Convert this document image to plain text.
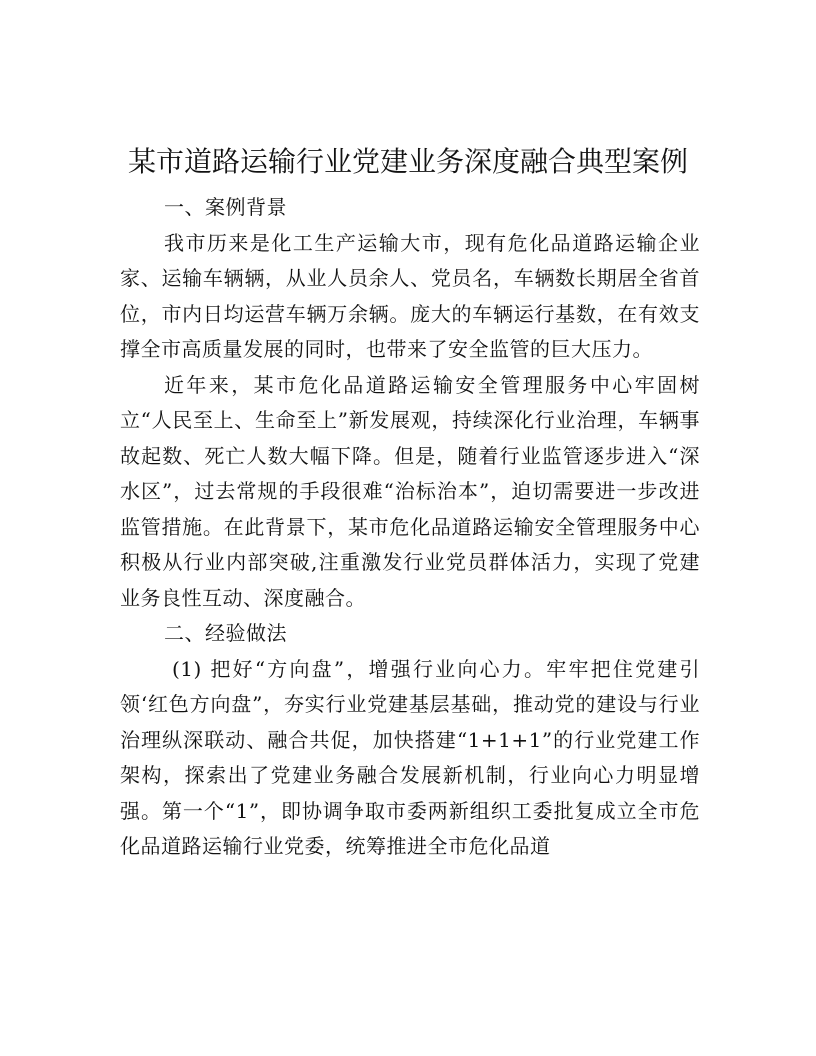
某市道路运输行业党建业务深度融合典型案例
一、案例背景

我市历来是化工生产运输大市，现有危化品道路运输企业家、运输车辆辆，从业人员余人、党员名，车辆数长期居全省首位，市内日均运营车辆万余辆。庞大的车辆运行基数，在有效支撑全市高质量发展的同时，也带来了安全监管的巨大压力。

近年来，某市危化品道路运输安全管理服务中心牢固树立“人民至上、生命至上”新发展观，持续深化行业治理，车辆事故起数、死亡人数大幅下降。但是，随着行业监管逐步进入“深水区”，过去常规的手段很难“治标治本”，迫切需要进一步改进监管措施。在此背景下，某市危化品道路运输安全管理服务中心积极从行业内部突破,注重激发行业党员群体活力，实现了党建业务良性互动、深度融合。

二、经验做法

(1) 把好“方向盘”，增强行业向心力。牢牢把住党建引领‘红色方向盘”，夯实行业党建基层基础，推动党的建设与行业治理纵深联动、融合共促，加快搭建“1+1+1”的行业党建工作架构，探索出了党建业务融合发展新机制，行业向心力明显增强。第一个“1”，即协调争取市委两新组织工委批复成立全市危化品道路运输行业党委，统筹推进全市危化品道
